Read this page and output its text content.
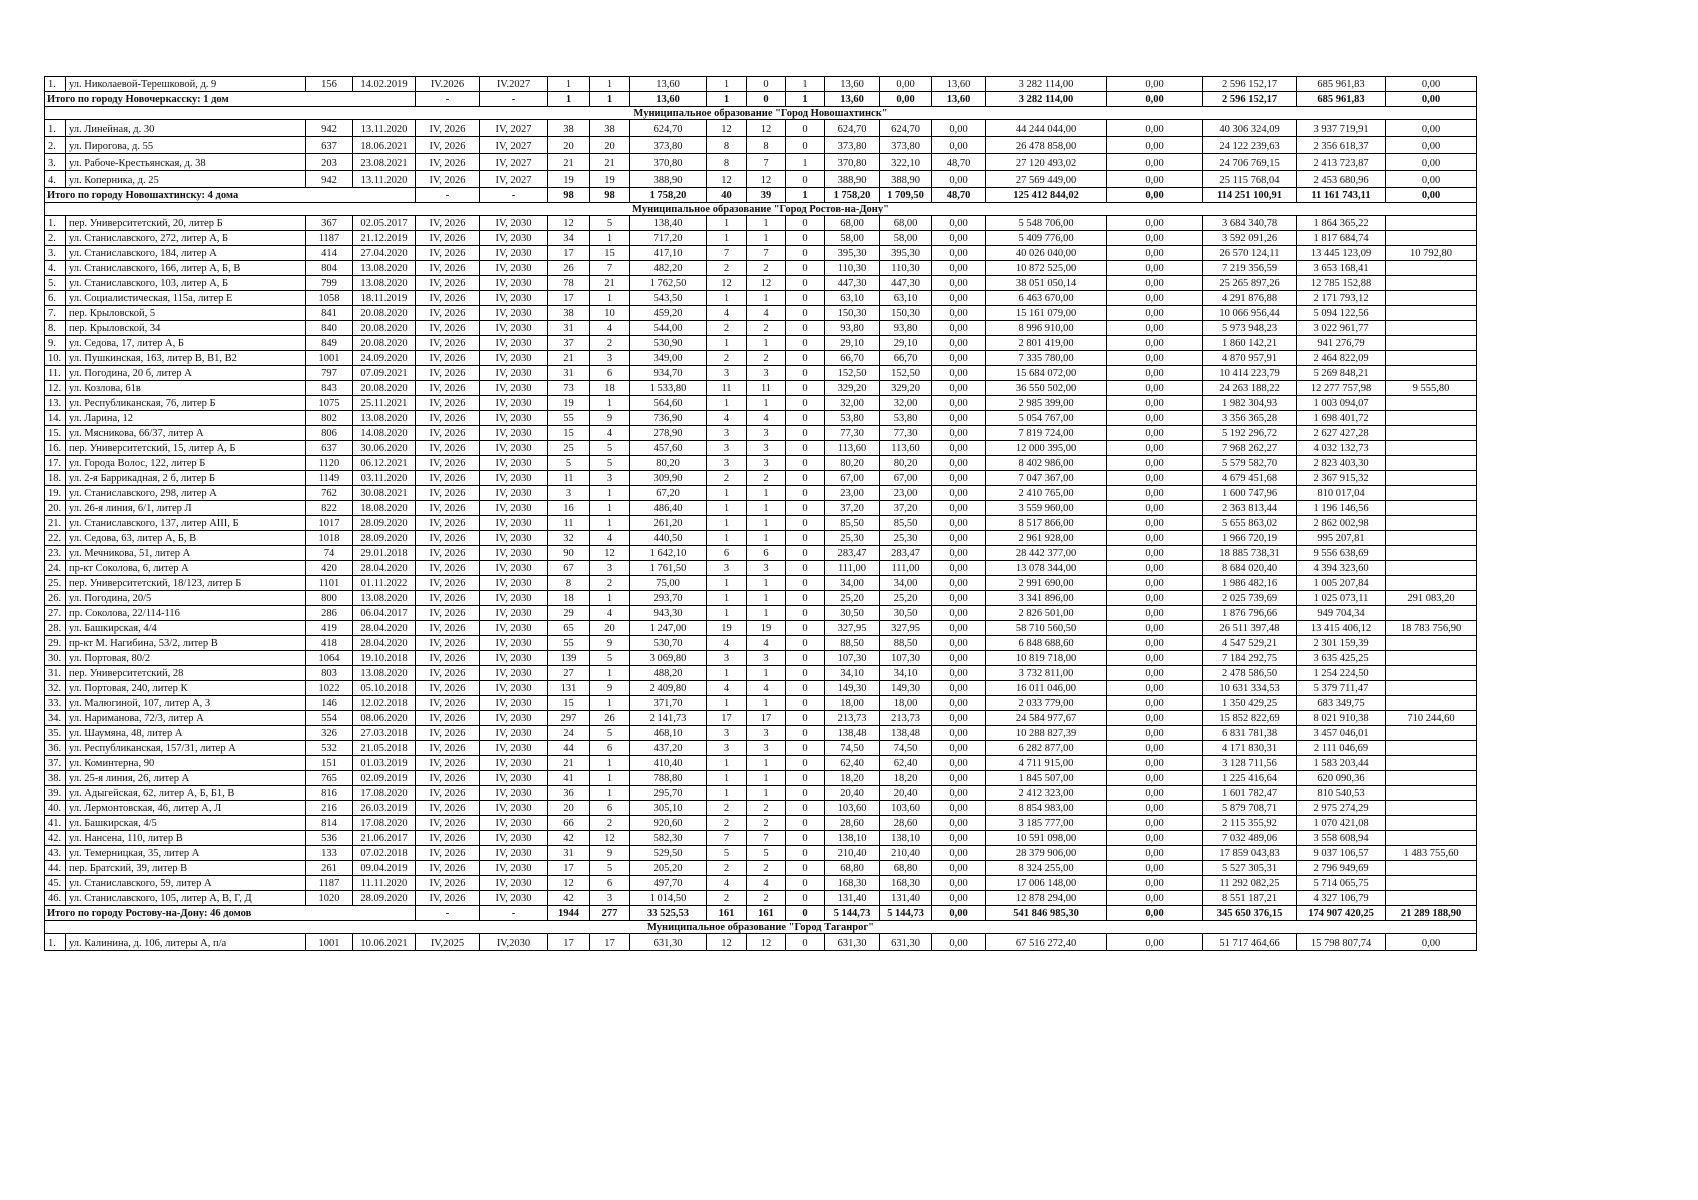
1.	ул. Николаевой-Терешковой, д. 9	156	14.02.2019	IV.2026	IV.2027	1	1	13,60	1	0	1	13,60	0,00	13,60	3 282 114,00	0,00	2 596 152,17	685 961,83	0,00
Итого по городу Новочеркасску: 1 дом				-	-	1	1	13,60	1	0	1	13,60	0,00	13,60	3 282 114,00	0,00	2 596 152,17	685 961,83	0,00
Муниципальное образование "Город Новошахтинск"																			
1.	ул. Линейная, д. 30	942	13.11.2020	IV, 2026	IV, 2027	38	38	624,70	12	12	0	624,70	624,70	0,00	44 244 044,00	0,00	40 306 324,09	3 937 719,91	0,00
2.	ул. Пирогова, д. 55	637	18.06.2021	IV, 2026	IV, 2027	20	20	373,80	8	8	0	373,80	373,80	0,00	26 478 858,00	0,00	24 122 239,63	2 356 618,37	0,00
3.	ул. Рабоче-Крестьянская, д. 38	203	23.08.2021	IV, 2026	IV, 2027	21	21	370,80	8	7	1	370,80	322,10	48,70	27 120 493,02	0,00	24 706 769,15	2 413 723,87	0,00
4.	ул. Коперника, д. 25	942	13.11.2020	IV, 2026	IV, 2027	19	19	388,90	12	12	0	388,90	388,90	0,00	27 569 449,00	0,00	25 115 768,04	2 453 680,96	0,00
Итого по городу Новошахтинску: 4 дома				-	-	98	98	1 758,20	40	39	1	1 758,20	1 709,50	48,70	125 412 844,02	0,00	114 251 100,91	11 161 743,11	0,00
Муниципальное образование "Город Ростов-на-Дону"																			
1.	пер. Университетский, 20, литер Б	367	02.05.2017	IV, 2026	IV, 2030	12	5	138,40	1	1	0	68,00	68,00	0,00	5 548 706,00	0,00	3 684 340,78	1 864 365,22	
2.	ул. Станиславского, 272, литер А, Б	1187	21.12.2019	IV, 2026	IV, 2030	34	1	717,20	1	1	0	58,00	58,00	0,00	5 409 776,00	0,00	3 592 091,26	1 817 684,74	
3.	ул. Станиславского, 184, литер А	414	27.04.2020	IV, 2026	IV, 2030	17	15	417,10	7	7	0	395,30	395,30	0,00	40 026 040,00	0,00	26 570 124,11	13 445 123,09	10 792,80
4.	ул. Станиславского, 166, литер А, Б, В	804	13.08.2020	IV, 2026	IV, 2030	26	7	482,20	2	2	0	110,30	110,30	0,00	10 872 525,00	0,00	7 219 356,59	3 653 168,41	
5.	ул. Станиславского, 103, литер А, Б	799	13.08.2020	IV, 2026	IV, 2030	78	21	1 762,50	12	12	0	447,30	447,30	0,00	38 051 050,14	0,00	25 265 897,26	12 785 152,88	
6.	ул. Социалистическая, 115а, литер Е	1058	18.11.2019	IV, 2026	IV, 2030	17	1	543,50	1	1	0	63,10	63,10	0,00	6 463 670,00	0,00	4 291 876,88	2 171 793,12	
7.	пер. Крыловской, 5	841	20.08.2020	IV, 2026	IV, 2030	38	10	459,20	4	4	0	150,30	150,30	0,00	15 161 079,00	0,00	10 066 956,44	5 094 122,56	
8.	пер. Крыловской, 34	840	20.08.2020	IV, 2026	IV, 2030	31	4	544,00	2	2	0	93,80	93,80	0,00	8 996 910,00	0,00	5 973 948,23	3 022 961,77	
9.	ул. Седова, 17, литер А, Б	849	20.08.2020	IV, 2026	IV, 2030	37	2	530,90	1	1	0	29,10	29,10	0,00	2 801 419,00	0,00	1 860 142,21	941 276,79	
10.	ул. Пушкинская, 163, литер В, В1, В2	1001	24.09.2020	IV, 2026	IV, 2030	21	3	349,00	2	2	0	66,70	66,70	0,00	7 335 780,00	0,00	4 870 957,91	2 464 822,09	
11.	ул. Погодина, 20 б, литер А	797	07.09.2021	IV, 2026	IV, 2030	31	6	934,70	3	3	0	152,50	152,50	0,00	15 684 072,00	0,00	10 414 223,79	5 269 848,21	
12.	ул. Козлова, 61в	843	20.08.2020	IV, 2026	IV, 2030	73	18	1 533,80	11	11	0	329,20	329,20	0,00	36 550 502,00	0,00	24 263 188,22	12 277 757,98	9 555,80
13.	ул. Республиканская, 76, литер Б	1075	25.11.2021	IV, 2026	IV, 2030	19	1	564,60	1	1	0	32,00	32,00	0,00	2 985 399,00	0,00	1 982 304,93	1 003 094,07	
14.	ул. Ларина, 12	802	13.08.2020	IV, 2026	IV, 2030	55	9	736,90	4	4	0	53,80	53,80	0,00	5 054 767,00	0,00	3 356 365,28	1 698 401,72	
15.	ул. Мясникова, 66/37, литер А	806	14.08.2020	IV, 2026	IV, 2030	15	4	278,90	3	3	0	77,30	77,30	0,00	7 819 724,00	0,00	5 192 296,72	2 627 427,28	
16.	пер. Университетский, 15, литер А, Б	637	30.06.2020	IV, 2026	IV, 2030	25	5	457,60	3	3	0	113,60	113,60	0,00	12 000 395,00	0,00	7 968 262,27	4 032 132,73	
17.	ул. Города Волос, 122, литер Б	1120	06.12.2021	IV, 2026	IV, 2030	5	5	80,20	3	3	0	80,20	80,20	0,00	8 402 986,00	0,00	5 579 582,70	2 823 403,30	
18.	ул. 2-я Баррикадная, 2 б, литер Б	1149	03.11.2020	IV, 2026	IV, 2030	11	3	309,90	2	2	0	67,00	67,00	0,00	7 047 367,00	0,00	4 679 451,68	2 367 915,32	
19.	ул. Станиславского, 298, литер А	762	30.08.2021	IV, 2026	IV, 2030	3	1	67,20	1	1	0	23,00	23,00	0,00	2 410 765,00	0,00	1 600 747,96	810 017,04	
20.	ул. 26-я линия, 6/1, литер Л	822	18.08.2020	IV, 2026	IV, 2030	16	1	486,40	1	1	0	37,20	37,20	0,00	3 559 960,00	0,00	2 363 813,44	1 196 146,56	
21.	ул. Станиславского, 137, литер АIII, Б	1017	28.09.2020	IV, 2026	IV, 2030	11	1	261,20	1	1	0	85,50	85,50	0,00	8 517 866,00	0,00	5 655 863,02	2 862 002,98	
22.	ул. Седова, 63, литер А, Б, В	1018	28.09.2020	IV, 2026	IV, 2030	32	4	440,50	1	1	0	25,30	25,30	0,00	2 961 928,00	0,00	1 966 720,19	995 207,81	
23.	ул. Мечникова, 51, литер А	74	29.01.2018	IV, 2026	IV, 2030	90	12	1 642,10	6	6	0	283,47	283,47	0,00	28 442 377,00	0,00	18 885 738,31	9 556 638,69	
24.	пр-кт Соколова, 6, литер А	420	28.04.2020	IV, 2026	IV, 2030	67	3	1 761,50	3	3	0	111,00	111,00	0,00	13 078 344,00	0,00	8 684 020,40	4 394 323,60	
25.	пер. Университетский, 18/123, литер Б	1101	01.11.2022	IV, 2026	IV, 2030	8	2	75,00	1	1	0	34,00	34,00	0,00	2 991 690,00	0,00	1 986 482,16	1 005 207,84	
26.	ул. Погодина, 20/5	800	13.08.2020	IV, 2026	IV, 2030	18	1	293,70	1	1	0	25,20	25,20	0,00	3 341 896,00	0,00	2 025 739,69	1 025 073,11	291 083,20
27.	пр. Соколова, 22/114-116	286	06.04.2017	IV, 2026	IV, 2030	29	4	943,30	1	1	0	30,50	30,50	0,00	2 826 501,00	0,00	1 876 796,66	949 704,34	
28.	ул. Башкирская, 4/4	419	28.04.2020	IV, 2026	IV, 2030	65	20	1 247,00	19	19	0	327,95	327,95	0,00	58 710 560,50	0,00	26 511 397,48	13 415 406,12	18 783 756,90
29.	пр-кт М. Нагибина, 53/2, литер В	418	28.04.2020	IV, 2026	IV, 2030	55	9	530,70	4	4	0	88,50	88,50	0,00	6 848 688,60	0,00	4 547 529,21	2 301 159,39	
30.	ул. Портовая, 80/2	1064	19.10.2018	IV, 2026	IV, 2030	139	5	3 069,80	3	3	0	107,30	107,30	0,00	10 819 718,00	0,00	7 184 292,75	3 635 425,25	
31.	пер. Университетский, 28	803	13.08.2020	IV, 2026	IV, 2030	27	1	488,20	1	1	0	34,10	34,10	0,00	3 732 811,00	0,00	2 478 586,50	1 254 224,50	
32.	ул. Портовая, 240, литер К	1022	05.10.2018	IV, 2026	IV, 2030	131	9	2 409,80	4	4	0	149,30	149,30	0,00	16 011 046,00	0,00	10 631 334,53	5 379 711,47	
33.	ул. Малюгиной, 107, литер А, З	146	12.02.2018	IV, 2026	IV, 2030	15	1	371,70	1	1	0	18,00	18,00	0,00	2 033 779,00	0,00	1 350 429,25	683 349,75	
34.	ул. Нариманова, 72/3, литер А	554	08.06.2020	IV, 2026	IV, 2030	297	26	2 141,73	17	17	0	213,73	213,73	0,00	24 584 977,67	0,00	15 852 822,69	8 021 910,38	710 244,60
35.	ул. Шаумяна, 48, литер А	326	27.03.2018	IV, 2026	IV, 2030	24	5	468,10	3	3	0	138,48	138,48	0,00	10 288 827,39	0,00	6 831 781,38	3 457 046,01	
36.	ул. Республиканская, 157/31, литер А	532	21.05.2018	IV, 2026	IV, 2030	44	6	437,20	3	3	0	74,50	74,50	0,00	6 282 877,00	0,00	4 171 830,31	2 111 046,69	
37.	ул. Коминтерна, 90	151	01.03.2019	IV, 2026	IV, 2030	21	1	410,40	1	1	0	62,40	62,40	0,00	4 711 915,00	0,00	3 128 711,56	1 583 203,44	
38.	ул. 25-я линия, 26, литер А	765	02.09.2019	IV, 2026	IV, 2030	41	1	788,80	1	1	0	18,20	18,20	0,00	1 845 507,00	0,00	1 225 416,64	620 090,36	
39.	ул. Адыгейская, 62, литер А, Б, Б1, В	816	17.08.2020	IV, 2026	IV, 2030	36	1	295,70	1	1	0	20,40	20,40	0,00	2 412 323,00	0,00	1 601 782,47	810 540,53	
40.	ул. Лермонтовская, 46, литер А, Л	216	26.03.2019	IV, 2026	IV, 2030	20	6	305,10	2	2	0	103,60	103,60	0,00	8 854 983,00	0,00	5 879 708,71	2 975 274,29	
41.	ул. Башкирская, 4/5	814	17.08.2020	IV, 2026	IV, 2030	66	2	920,60	2	2	0	28,60	28,60	0,00	3 185 777,00	0,00	2 115 355,92	1 070 421,08	
42.	ул. Нансена, 110, литер В	536	21.06.2017	IV, 2026	IV, 2030	42	12	582,30	7	7	0	138,10	138,10	0,00	10 591 098,00	0,00	7 032 489,06	3 558 608,94	
43.	ул. Темерницкая, 35, литер А	133	07.02.2018	IV, 2026	IV, 2030	31	9	529,50	5	5	0	210,40	210,40	0,00	28 379 906,00	0,00	17 859 043,83	9 037 106,57	1 483 755,60
44.	пер. Братский, 39, литер В	261	09.04.2019	IV, 2026	IV, 2030	17	5	205,20	2	2	0	68,80	68,80	0,00	8 324 255,00	0,00	5 527 305,31	2 796 949,69	
45.	ул. Станиславского, 59, литер А	1187	11.11.2020	IV, 2026	IV, 2030	12	6	497,70	4	4	0	168,30	168,30	0,00	17 006 148,00	0,00	11 292 082,25	5 714 065,75	
46.	ул. Станиславского, 105, литер А, В, Г, Д	1020	28.09.2020	IV, 2026	IV, 2030	42	3	1 014,50	2	2	0	131,40	131,40	0,00	12 878 294,00	0,00	8 551 187,21	4 327 106,79	
Итого по городу Ростову-на-Дону: 46 домов				-	-	1944	277	33 525,53	161	161	0	5 144,73	5 144,73	0,00	541 846 985,30	0,00	345 650 376,15	174 907 420,25	21 289 188,90
Муниципальное образование "Город Таганрог"																			
1.	ул. Калинина, д. 106, литеры А, п/а	1001	10.06.2021	IV,2025	IV,2030	17	17	631,30	12	12	0	631,30	631,30	0,00	67 516 272,40	0,00	51 717 464,66	15 798 807,74	0,00
